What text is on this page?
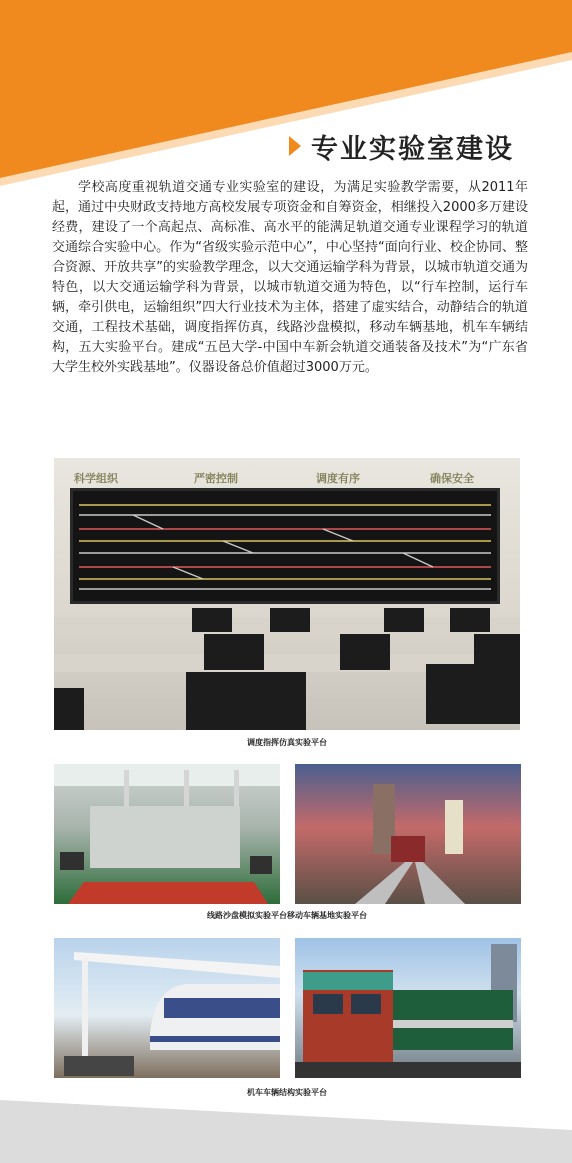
专业实验室建设
学校高度重视轨道交通专业实验室的建设，为满足实验教学需要，从2011年起，通过中央财政支持地方高校发展专项资金和自筹资金，相继投入2000多万建设经费，建设了一个高起点、高标准、高水平的能满足轨道交通专业课程学习的轨道交通综合实验中心。作为“省级实验示范中心”，中心坚持“面向行业、校企协同、整合资源、开放共享”的实验教学理念，以大交通运输学科为背景，以城市轨道交通为特色，以大交通运输学科为背景，以城市轨道交通为特色，以“行车控制，运行车辆，牵引供电，运输组织”四大行业技术为主体，搭建了虚实结合，动静结合的轨道交通，工程技术基础，调度指挥仿真，线路沙盘模拟，移动车辆基地，机车车辆结构，五大实验平台。建成“五邑大学-中国中车新会轨道交通装备及技术”为“广东省大学生校外实践基地”。仪器设备总价值超过3000万元。
科学组织	严密控制	调度有序	确保安全
调度指挥仿真实验平台
线路沙盘模拟实验平台移动车辆基地实验平台
机车车辆结构实验平台
